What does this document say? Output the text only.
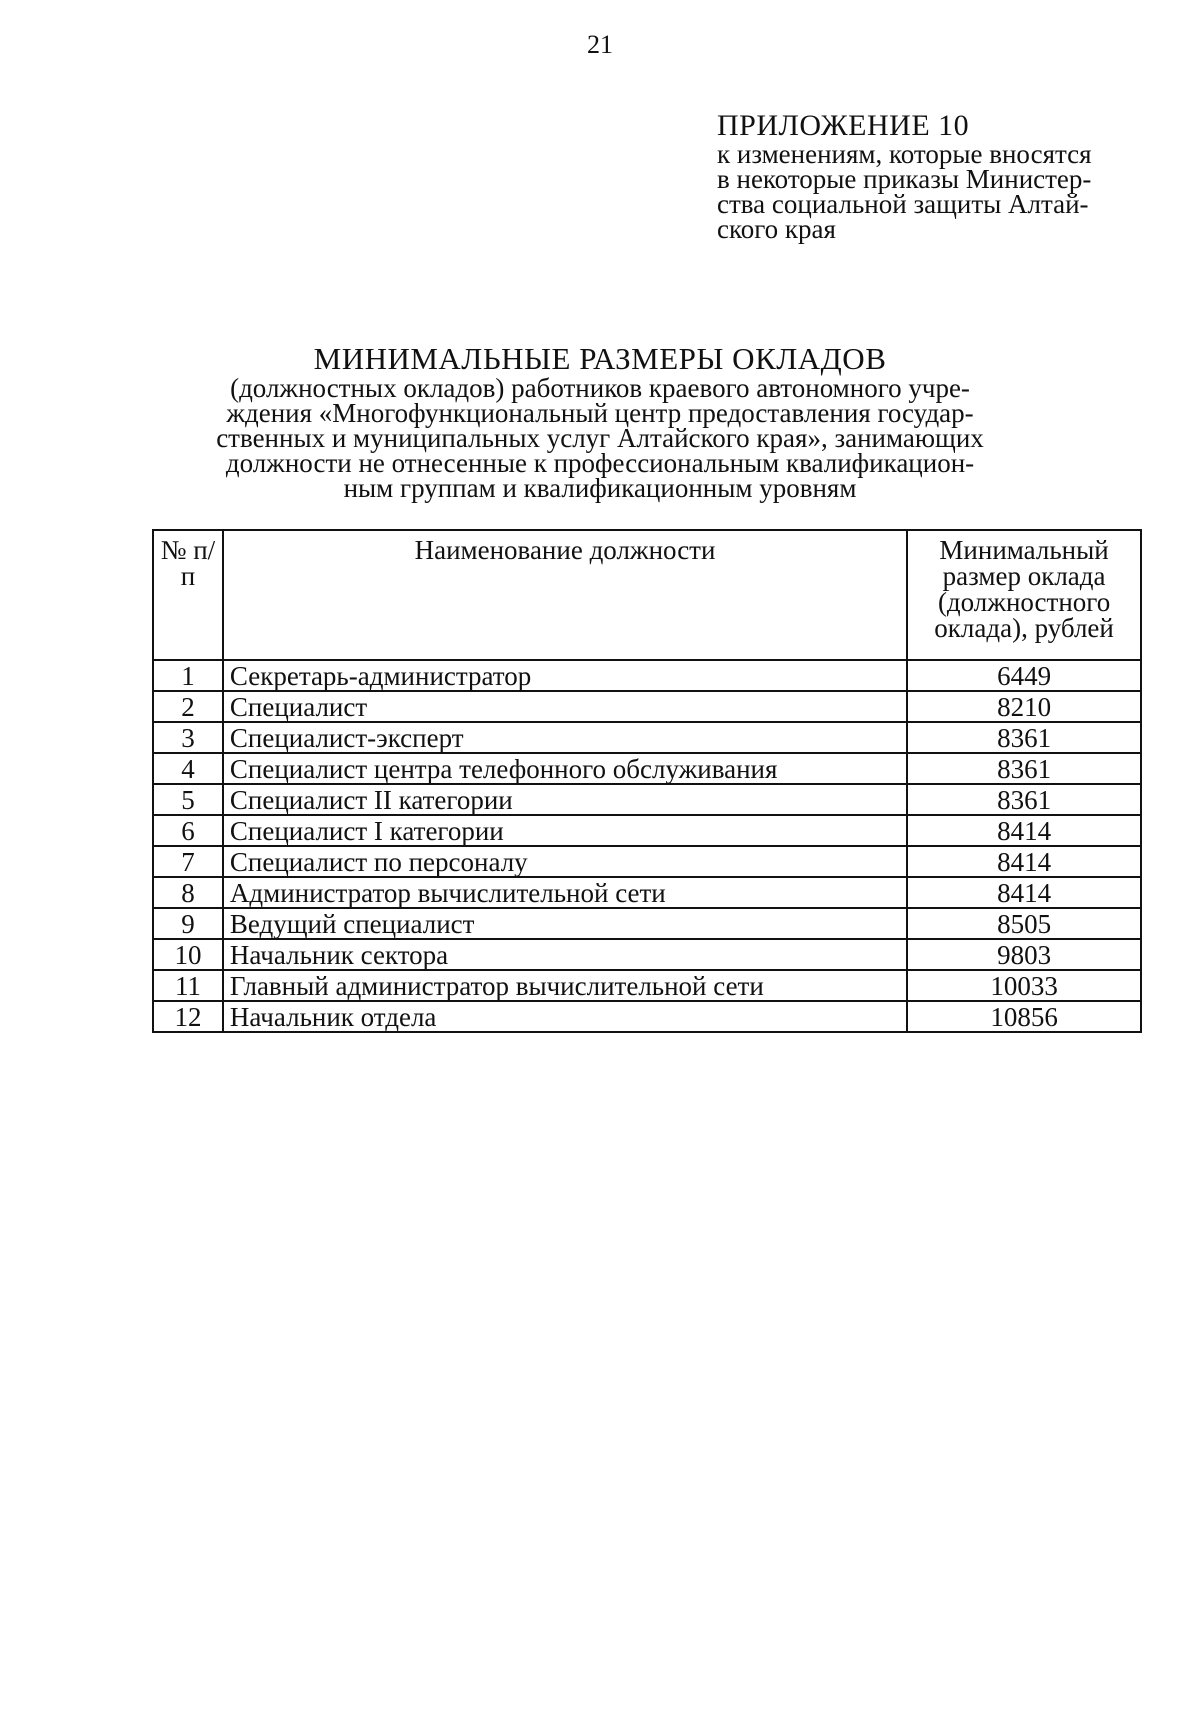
21
ПРИЛОЖЕНИЕ 10
к изменениям, которые вносятся
в некоторые приказы Министер-
ства социальной защиты Алтай-
ского края
МИНИМАЛЬНЫЕ РАЗМЕРЫ ОКЛАДОВ
(должностных окладов) работников краевого автономного учре-
ждения «Многофункциональный центр предоставления государ-
ственных и муниципальных услуг Алтайского края», занимающих
должности не отнесенные к профессиональным квалификацион-
ным группам и квалификационным уровням
№ п/п	Наименование должности	Минимальный размер оклада (должностного оклада), рублей
1	Секретарь-администратор	6449
2	Специалист	8210
3	Специалист-эксперт	8361
4	Специалист центра телефонного обслуживания	8361
5	Специалист II категории	8361
6	Специалист I категории	8414
7	Специалист по персоналу	8414
8	Администратор вычислительной сети	8414
9	Ведущий специалист	8505
10	Начальник сектора	9803
11	Главный администратор вычислительной сети	10033
12	Начальник отдела	10856
